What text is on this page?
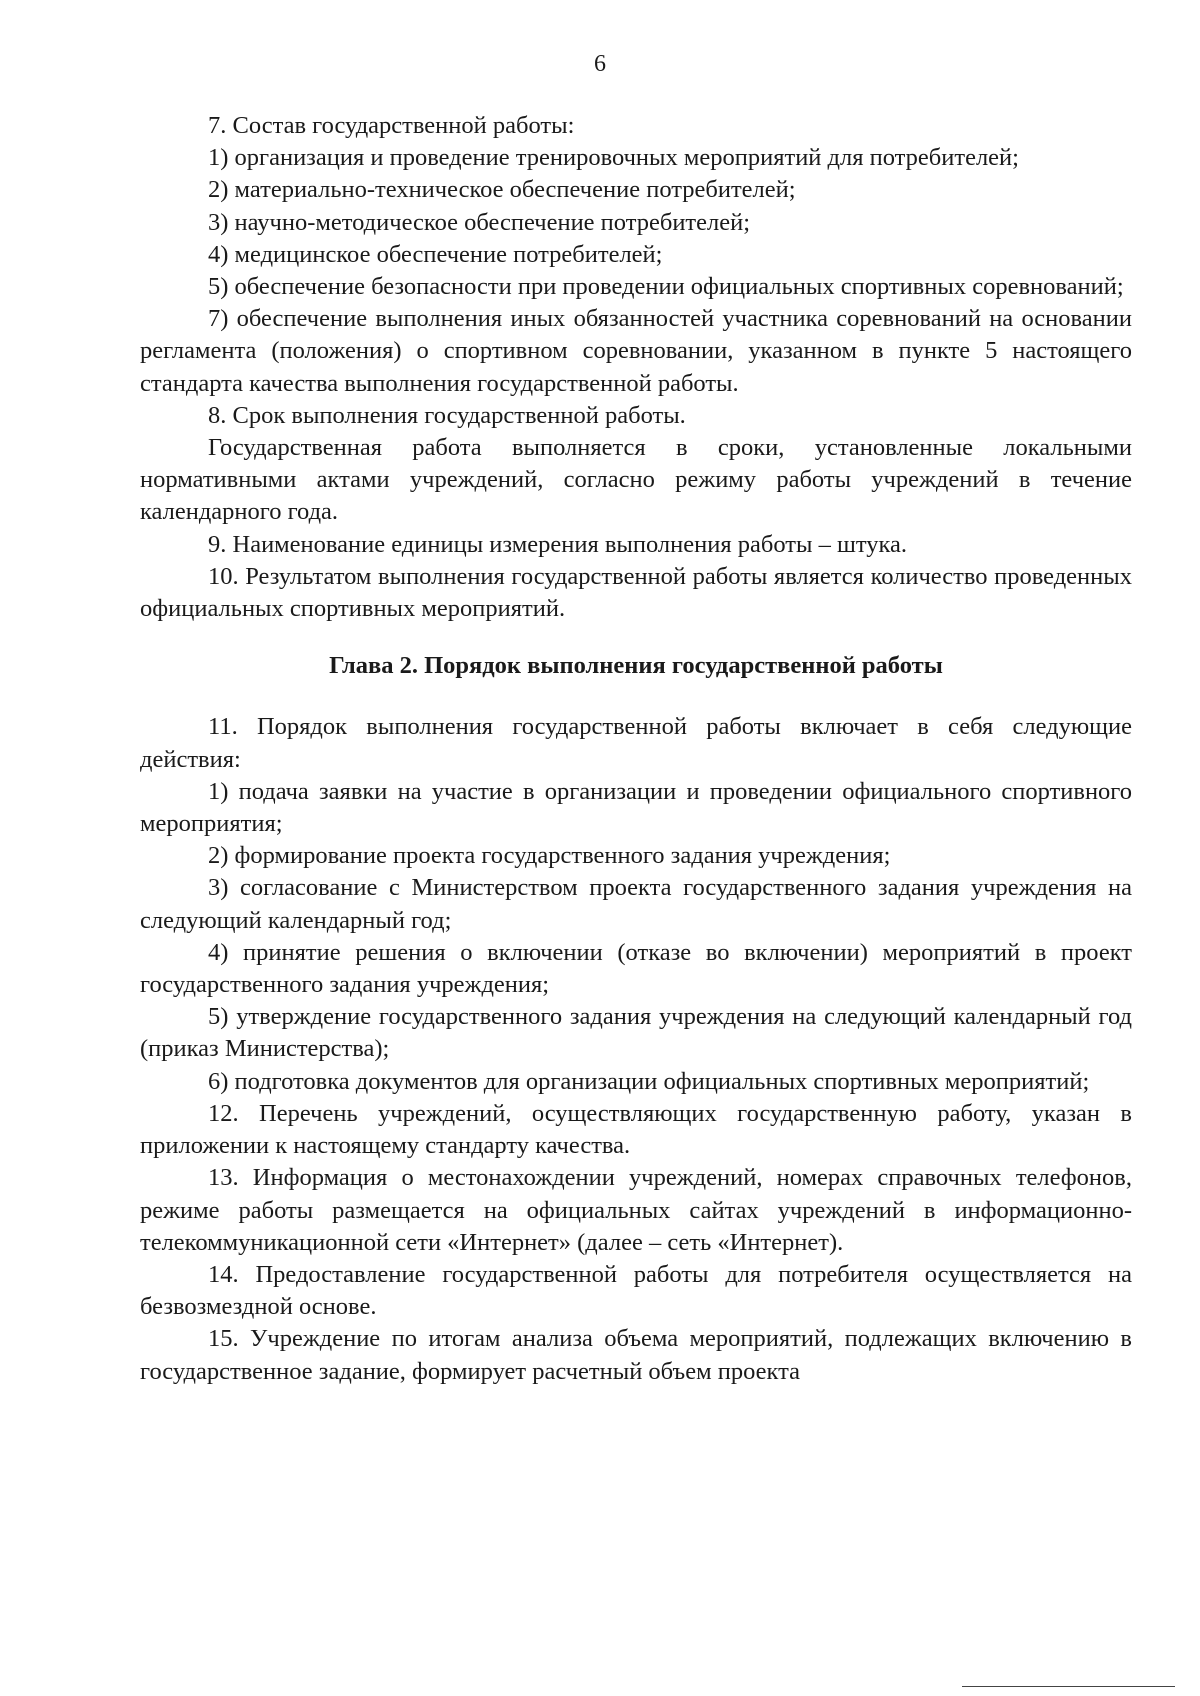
6

7. Состав государственной работы:

1) организация и проведение тренировочных мероприятий для потребителей;

2) материально-техническое обеспечение потребителей;

3) научно-методическое обеспечение потребителей;

4) медицинское обеспечение потребителей;

5) обеспечение безопасности при проведении официальных спортивных соревнований;

7) обеспечение выполнения иных обязанностей участника соревнований на основании регламента (положения) о спортивном соревновании, указанном в пункте 5 настоящего стандарта качества выполнения государственной работы.

8. Срок выполнения государственной работы.

Государственная работа выполняется в сроки, установленные локальными нормативными актами учреждений, согласно режиму работы учреждений в течение календарного года.

9. Наименование единицы измерения выполнения работы – штука.

10. Результатом выполнения государственной работы является количество проведенных официальных спортивных мероприятий.

Глава 2. Порядок выполнения государственной работы

11. Порядок выполнения государственной работы включает в себя следующие действия:

1) подача заявки на участие в организации и проведении официального спортивного мероприятия;

2) формирование проекта государственного задания учреждения;

3) согласование с Министерством проекта государственного задания учреждения на следующий календарный год;

4) принятие решения о включении (отказе во включении) мероприятий в проект государственного задания учреждения;

5) утверждение государственного задания учреждения на следующий календарный год (приказ Министерства);

6) подготовка документов для организации официальных спортивных мероприятий;

12. Перечень учреждений, осуществляющих государственную работу, указан в приложении к настоящему стандарту качества.

13. Информация о местонахождении учреждений, номерах справочных телефонов, режиме работы размещается на официальных сайтах учреждений в информационно-телекоммуникационной сети «Интернет» (далее – сеть «Интернет).

14. Предоставление государственной работы для потребителя осуществляется на безвозмездной основе.

15. Учреждение по итогам анализа объема мероприятий, подлежащих включению в государственное задание, формирует расчетный объем проекта
